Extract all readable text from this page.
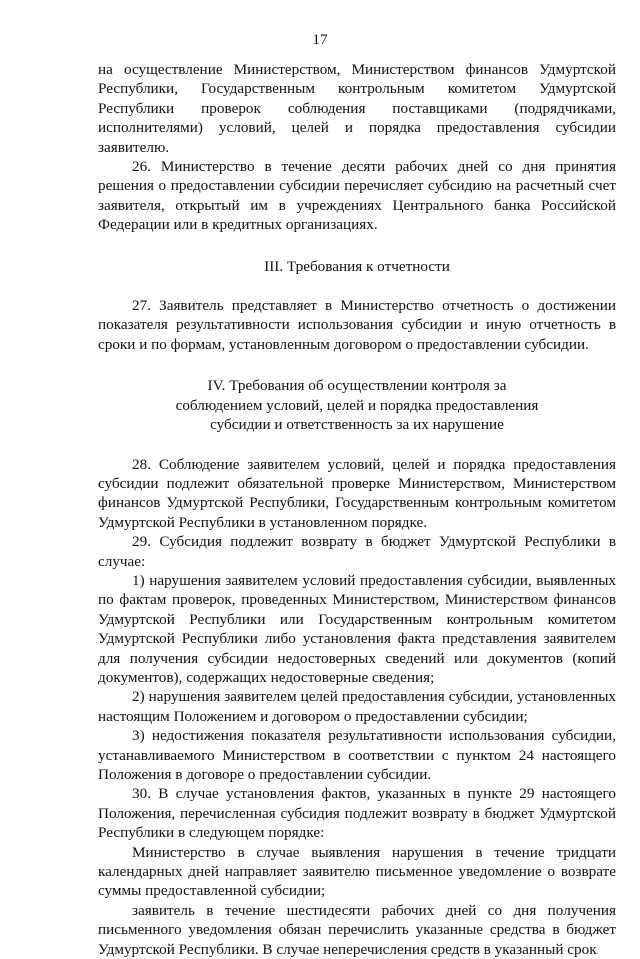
17

на осуществление Министерством, Министерством финансов Удмуртской Республики, Государственным контрольным комитетом Удмуртской Республики проверок соблюдения поставщиками (подрядчиками, исполнителями) условий, целей и порядка предоставления субсидии заявителю.

26. Министерство в течение десяти рабочих дней со дня принятия решения о предоставлении субсидии перечисляет субсидию на расчетный счет заявителя, открытый им в учреждениях Центрального банка Российской Федерации или в кредитных организациях.

III. Требования к отчетности

27. Заявитель представляет в Министерство отчетность о достижении показателя результативности использования субсидии и иную отчетность в сроки и по формам, установленным договором о предоставлении субсидии.

IV. Требования об осуществлении контроля за
соблюдением условий, целей и порядка предоставления
субсидии и ответственность за их нарушение

28. Соблюдение заявителем условий, целей и порядка предоставления субсидии подлежит обязательной проверке Министерством, Министерством финансов Удмуртской Республики, Государственным контрольным комитетом Удмуртской Республики в установленном порядке.

29. Субсидия подлежит возврату в бюджет Удмуртской Республики в случае:

1) нарушения заявителем условий предоставления субсидии, выявленных по фактам проверок, проведенных Министерством, Министерством финансов Удмуртской Республики или Государственным контрольным комитетом Удмуртской Республики либо установления факта представления заявителем для получения субсидии недостоверных сведений или документов (копий документов), содержащих недостоверные сведения;

2) нарушения заявителем целей предоставления субсидии, установленных настоящим Положением и договором о предоставлении субсидии;

3) недостижения показателя результативности использования субсидии, устанавливаемого Министерством в соответствии с пунктом 24 настоящего Положения в договоре о предоставлении субсидии.

30. В случае установления фактов, указанных в пункте 29 настоящего Положения, перечисленная субсидия подлежит возврату в бюджет Удмуртской Республики в следующем порядке:

Министерство в случае выявления нарушения в течение тридцати календарных дней направляет заявителю письменное уведомление о возврате суммы предоставленной субсидии;

заявитель в течение шестидесяти рабочих дней со дня получения письменного уведомления обязан перечислить указанные средства в бюджет Удмуртской Республики. В случае неперечисления средств в указанный срок
